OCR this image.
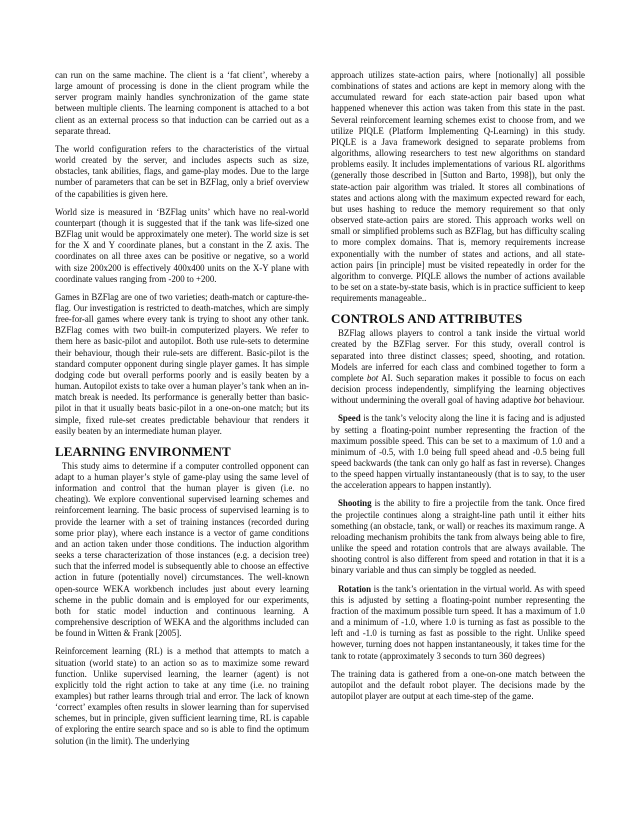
can run on the same machine. The client is a ‘fat client’, whereby a large amount of processing is done in the client program while the server program mainly handles synchronization of the game state between multiple clients. The learning component is attached to a bot client as an external process so that induction can be carried out as a separate thread.

The world configuration refers to the characteristics of the virtual world created by the server, and includes aspects such as size, obstacles, tank abilities, flags, and game-play modes. Due to the large number of parameters that can be set in BZFlag, only a brief overview of the capabilities is given here.

World size is measured in ‘BZFlag units’ which have no real-world counterpart (though it is suggested that if the tank was life-sized one BZFlag unit would be approximately one meter). The world size is set for the X and Y coordinate planes, but a constant in the Z axis. The coordinates on all three axes can be positive or negative, so a world with size 200x200 is effectively 400x400 units on the X-Y plane with coordinate values ranging from -200 to +200.

Games in BZFlag are one of two varieties; death-match or capture-the-flag. Our investigation is restricted to death-matches, which are simply free-for-all games where every tank is trying to shoot any other tank. BZFlag comes with two built-in computerized players. We refer to them here as basic-pilot and autopilot. Both use rule-sets to determine their behaviour, though their rule-sets are different. Basic-pilot is the standard computer opponent during single player games. It has simple dodging code but overall performs poorly and is easily beaten by a human. Autopilot exists to take over a human player’s tank when an in-match break is needed. Its performance is generally better than basic-pilot in that it usually beats basic-pilot in a one-on-one match; but its simple, fixed rule-set creates predictable behaviour that renders it easily beaten by an intermediate human player.

LEARNING ENVIRONMENT

This study aims to determine if a computer controlled opponent can adapt to a human player’s style of game-play using the same level of information and control that the human player is given (i.e. no cheating). We explore conventional supervised learning schemes and reinforcement learning. The basic process of supervised learning is to provide the learner with a set of training instances (recorded during some prior play), where each instance is a vector of game conditions and an action taken under those conditions. The induction algorithm seeks a terse characterization of those instances (e.g. a decision tree) such that the inferred model is subsequently able to choose an effective action in future (potentially novel) circumstances. The well-known open-source WEKA workbench includes just about every learning scheme in the public domain and is employed for our experiments, both for static model induction and continuous learning. A comprehensive description of WEKA and the algorithms included can be found in Witten & Frank [2005].

Reinforcement learning (RL) is a method that attempts to match a situation (world state) to an action so as to maximize some reward function. Unlike supervised learning, the learner (agent) is not explicitly told the right action to take at any time (i.e. no training examples) but rather learns through trial and error. The lack of known ‘correct’ examples often results in slower learning than for supervised schemes, but in principle, given sufficient learning time, RL is capable of exploring the entire search space and so is able to find the optimum solution (in the limit). The underlying

approach utilizes state-action pairs, where [notionally] all possible combinations of states and actions are kept in memory along with the accumulated reward for each state-action pair based upon what happened whenever this action was taken from this state in the past. Several reinforcement learning schemes exist to choose from, and we utilize PIQLE (Platform Implementing Q-Learning) in this study. PIQLE is a Java framework designed to separate problems from algorithms, allowing researchers to test new algorithms on standard problems easily. It includes implementations of various RL algorithms (generally those described in [Sutton and Barto, 1998]), but only the state-action pair algorithm was trialed. It stores all combinations of states and actions along with the maximum expected reward for each, but uses hashing to reduce the memory requirement so that only observed state-action pairs are stored. This approach works well on small or simplified problems such as BZFlag, but has difficulty scaling to more complex domains. That is, memory requirements increase exponentially with the number of states and actions, and all state-action pairs [in principle] must be visited repeatedly in order for the algorithm to converge. PIQLE allows the number of actions available to be set on a state-by-state basis, which is in practice sufficient to keep requirements manageable..

CONTROLS AND ATTRIBUTES

BZFlag allows players to control a tank inside the virtual world created by the BZFlag server. For this study, overall control is separated into three distinct classes; speed, shooting, and rotation. Models are inferred for each class and combined together to form a complete bot AI. Such separation makes it possible to focus on each decision process independently, simplifying the learning objectives without undermining the overall goal of having adaptive bot behaviour.

Speed is the tank’s velocity along the line it is facing and is adjusted by setting a floating-point number representing the fraction of the maximum possible speed. This can be set to a maximum of 1.0 and a minimum of -0.5, with 1.0 being full speed ahead and -0.5 being full speed backwards (the tank can only go half as fast in reverse). Changes to the speed happen virtually instantaneously (that is to say, to the user the acceleration appears to happen instantly).

Shooting is the ability to fire a projectile from the tank. Once fired the projectile continues along a straight-line path until it either hits something (an obstacle, tank, or wall) or reaches its maximum range. A reloading mechanism prohibits the tank from always being able to fire, unlike the speed and rotation controls that are always available. The shooting control is also different from speed and rotation in that it is a binary variable and thus can simply be toggled as needed.

Rotation is the tank’s orientation in the virtual world. As with speed this is adjusted by setting a floating-point number representing the fraction of the maximum possible turn speed. It has a maximum of 1.0 and a minimum of -1.0, where 1.0 is turning as fast as possible to the left and -1.0 is turning as fast as possible to the right. Unlike speed however, turning does not happen instantaneously, it takes time for the tank to rotate (approximately 3 seconds to turn 360 degrees)

The training data is gathered from a one-on-one match between the autopilot and the default robot player. The decisions made by the autopilot player are output at each time-step of the game.
